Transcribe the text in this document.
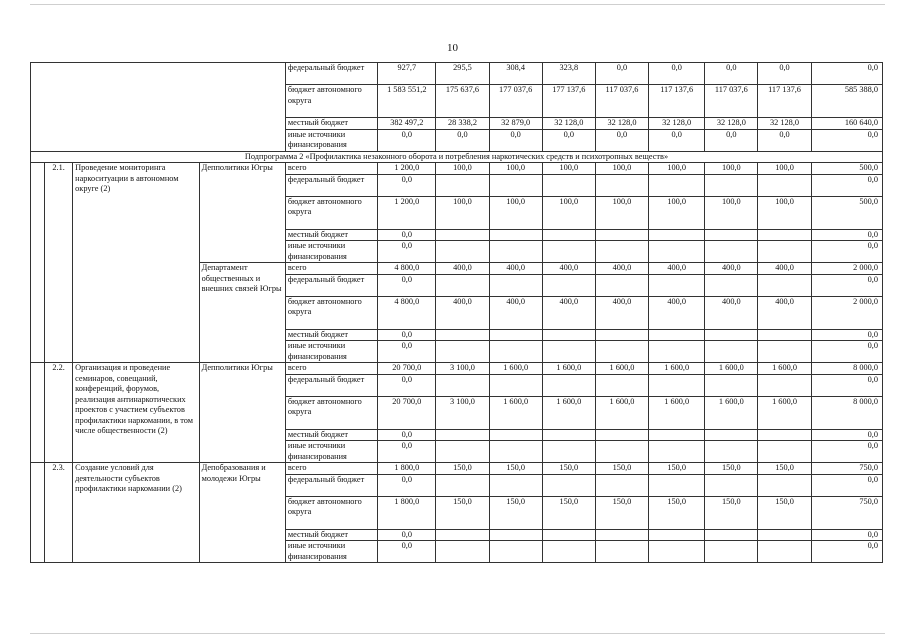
10
				федеральный бюджет	927,7	295,5	308,4	323,8	0,0	0,0	0,0	0,0	0,0
				бюджет автономного округа	1 583 551,2	175 637,6	177 037,6	177 137,6	117 037,6	117 137,6	117 037,6	117 137,6	585 388,0
				местный бюджет	382 497,2	28 338,2	32 879,0	32 128,0	32 128,0	32 128,0	32 128,0	32 128,0	160 640,0
				иные источники финансирования	0,0	0,0	0,0	0,0	0,0	0,0	0,0	0,0	0,0
Подпрограмма 2 «Профилактика незаконного оборота и потребления наркотических средств и психотропных веществ»													
	2.1.	Проведение мониторинга наркоситуации в автономном округе (2)	Депполитики Югры	всего	1 200,0	100,0	100,0	100,0	100,0	100,0	100,0	100,0	500,0
				федеральный бюджет	0,0								0,0
				бюджет автономного округа	1 200,0	100,0	100,0	100,0	100,0	100,0	100,0	100,0	500,0
				местный бюджет	0,0								0,0
				иные источники финансирования	0,0								0,0
			Департамент общественных и внешних связей Югры	всего	4 800,0	400,0	400,0	400,0	400,0	400,0	400,0	400,0	2 000,0
				федеральный бюджет	0,0								0,0
				бюджет автономного округа	4 800,0	400,0	400,0	400,0	400,0	400,0	400,0	400,0	2 000,0
				местный бюджет	0,0								0,0
				иные источники финансирования	0,0								0,0
	2.2.	Организация и проведение семинаров, совещаний, конференций, форумов, реализация антинаркотических проектов с участием субъектов профилактики наркомании, в том числе общественности (2)	Депполитики Югры	всего	20 700,0	3 100,0	1 600,0	1 600,0	1 600,0	1 600,0	1 600,0	1 600,0	8 000,0
				федеральный бюджет	0,0								0,0
				бюджет автономного округа	20 700,0	3 100,0	1 600,0	1 600,0	1 600,0	1 600,0	1 600,0	1 600,0	8 000,0
				местный бюджет	0,0								0,0
				иные источники финансирования	0,0								0,0
	2.3.	Создание условий для деятельности субъектов профилактики наркомании (2)	Депобразования и молодежи Югры	всего	1 800,0	150,0	150,0	150,0	150,0	150,0	150,0	150,0	750,0
				федеральный бюджет	0,0								0,0
				бюджет автономного округа	1 800,0	150,0	150,0	150,0	150,0	150,0	150,0	150,0	750,0
				местный бюджет	0,0								0,0
				иные источники финансирования	0,0								0,0
